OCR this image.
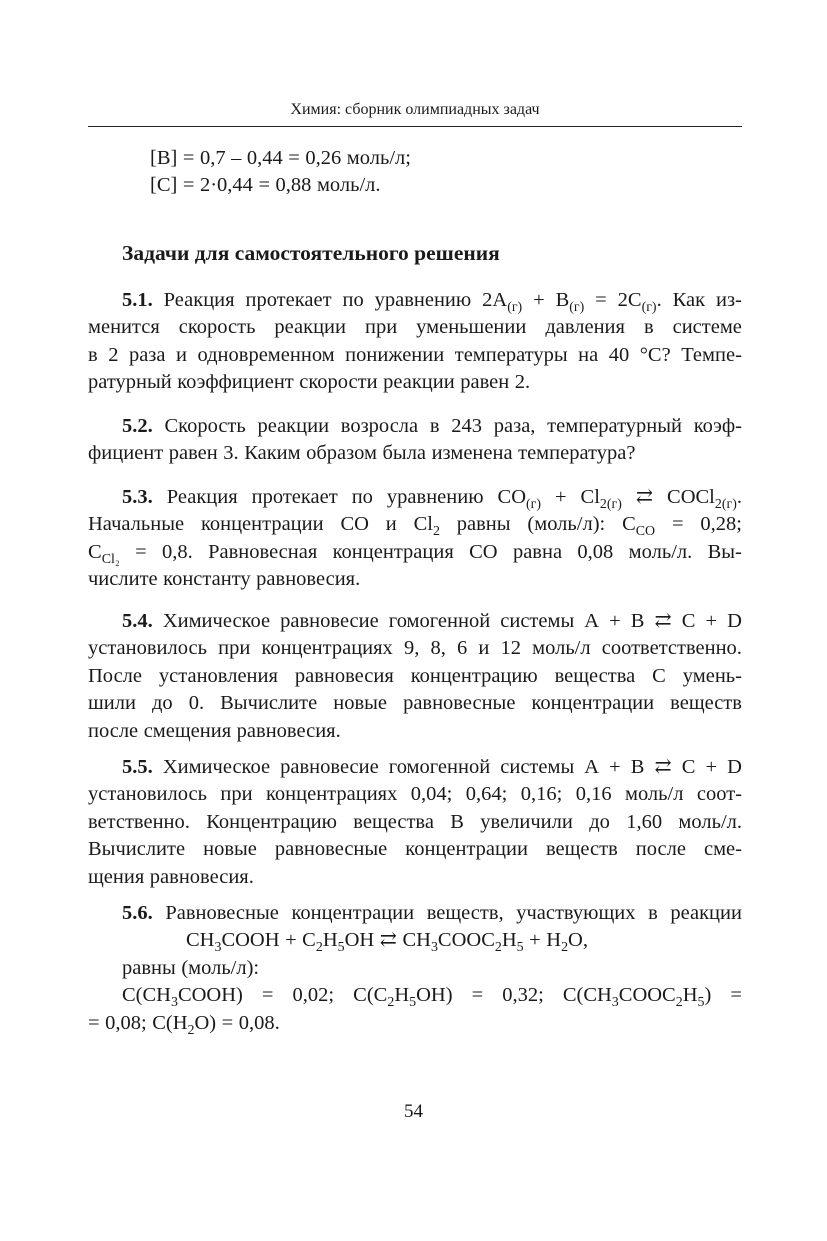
Химия: сборник олимпиадных задач
Задачи для самостоятельного решения
[B] = 0,7 – 0,44 = 0,26 моль/л;
[C] = 2·0,44 = 0,88 моль/л.
5.1. Реакция протекает по уравнению $2A_{(г)} + B_{(г)} = 2C_{(г)}$. Как из-
менится скорость реакции при уменьшении давления в системе
в 2 раза и одновременном понижении температуры на 40 °С? Темпе-
ратурный коэффициент скорости реакции равен 2.
5.2. Скорость реакции возросла в 243 раза, температурный коэф-
фициент равен 3. Каким образом была изменена температура?
5.3. Реакция протекает по уравнению $CO_{(г)} + Cl_{2(г)}$ ⇄ COCl$_{2(г)}$.
Начальные концентрации CO и $Cl_2$ равны (моль/л): $C_{CO} = 0,28$;
$C_{Cl_2} = 0,8$. Равновесная концентрация CO равна 0,08 моль/л. Вы-
числите константу равновесия.
5.4. Химическое равновесие гомогенной системы A + B ⇄ C + D
установилось при концентрациях 9, 8, 6 и 12 моль/л соответственно.
После установления равновесия концентрацию вещества C умень-
шили до 0. Вычислите новые равновесные концентрации веществ
после смещения равновесия.
5.5. Химическое равновесие гомогенной системы A + B ⇄ C + D
установилось при концентрациях 0,04; 0,64; 0,16; 0,16 моль/л соот-
ветственно. Концентрацию вещества B увеличили до 1,60 моль/л.
Вычислите новые равновесные концентрации веществ после сме-
щения равновесия.
5.6. Равновесные концентрации веществ, участвующих в реакции
$CH_3COOH + C_2H_5OH$ ⇄ $CH_3COOC_2H_5 + H_2O$,
равны (моль/л):
$C(CH_3COOH) = 0,02$; $C(C_2H_5OH) = 0,32$; $C(CH_3COOC_2H_5)$ =
= 0,08; $C(H_2O) = 0,08$.
54
